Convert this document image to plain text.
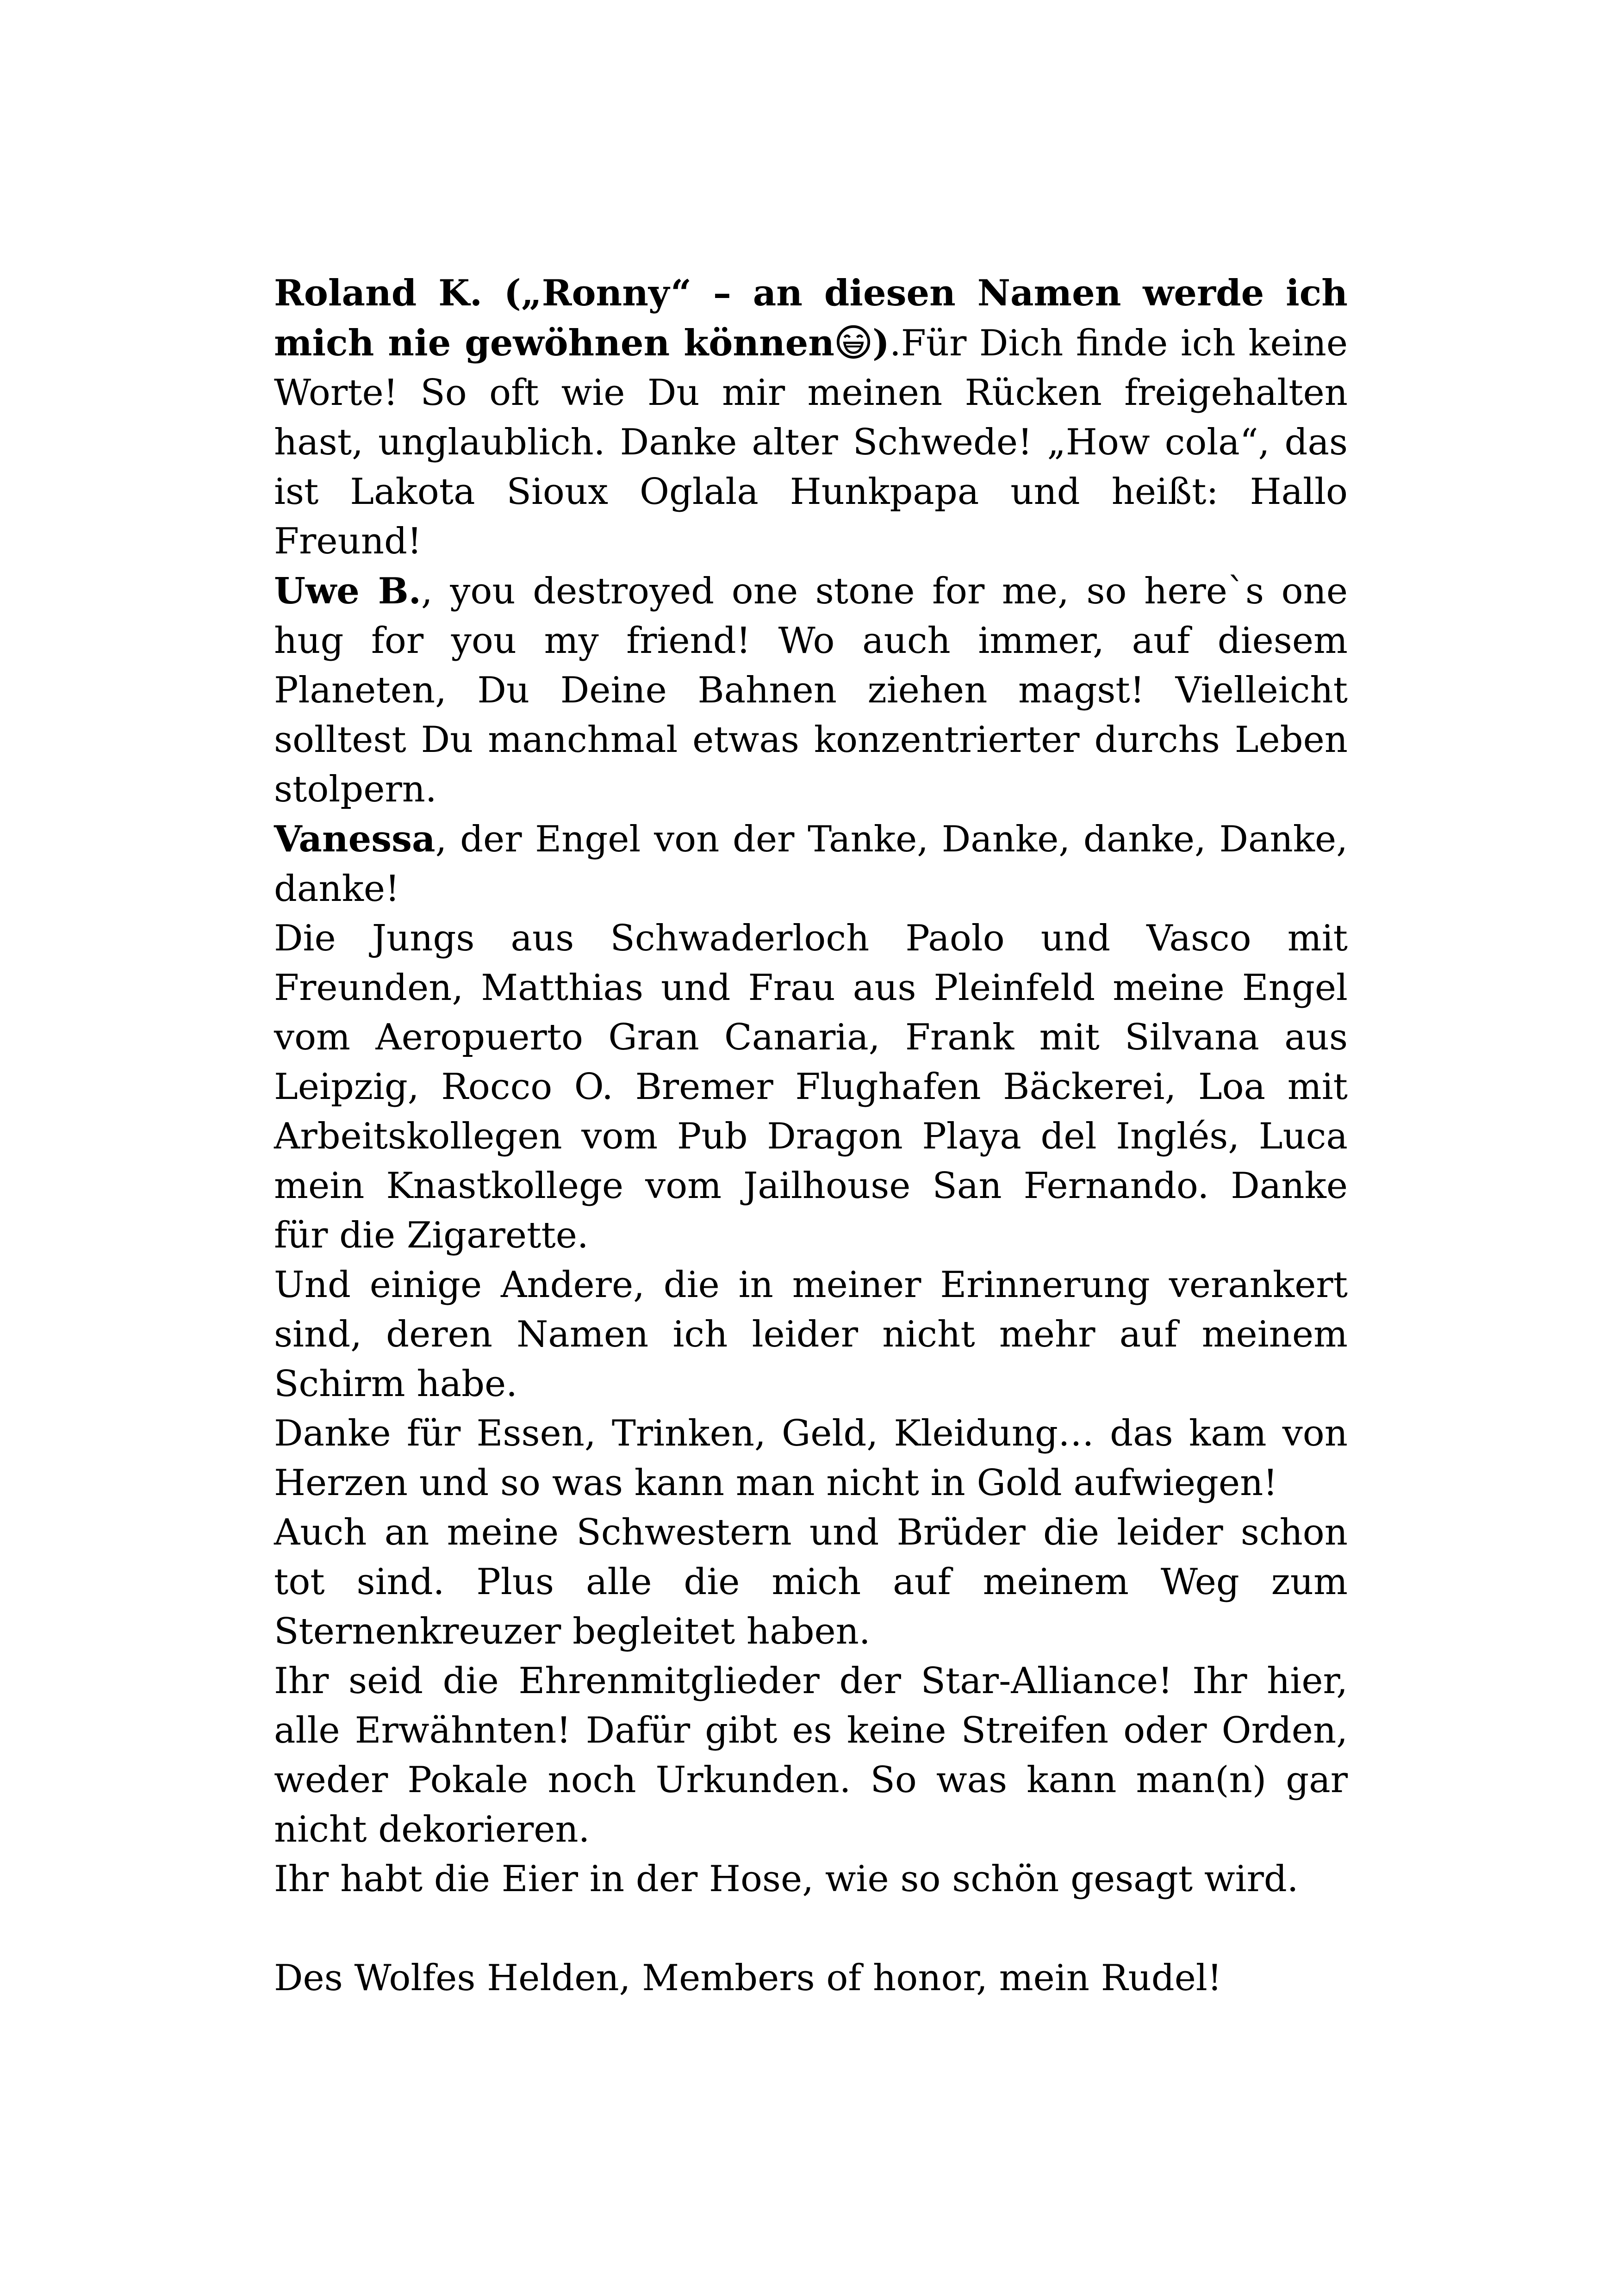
Roland K. („Ronny“ – an diesen Namen werde ich mich nie gewöhnen können ).Für Dich finde ich keine Worte! So oft wie Du mir meinen Rücken freigehalten hast, unglaublich. Danke alter Schwede! „How cola“, das ist Lakota Sioux Oglala Hunkpapa und heißt: Hallo Freund!

Uwe B., you destroyed one stone for me, so here`s one hug for you my friend! Wo auch immer, auf diesem Planeten, Du Deine Bahnen ziehen magst! Vielleicht solltest Du manchmal etwas konzentrierter durchs Leben stolpern.

Vanessa, der Engel von der Tanke, Danke, danke, Danke, danke!

Die Jungs aus Schwaderloch Paolo und Vasco mit Freunden, Matthias und Frau aus Pleinfeld meine Engel vom Aeropuerto Gran Canaria, Frank mit Silvana aus Leipzig, Rocco O. Bremer Flughafen Bäckerei, Loa mit Arbeitskollegen vom Pub Dragon Playa del Inglés, Luca mein Knastkollege vom Jailhouse San Fernando. Danke für die Zigarette.

Und einige Andere, die in meiner Erinnerung verankert sind, deren Namen ich leider nicht mehr auf meinem Schirm habe.

Danke für Essen, Trinken, Geld, Kleidung… das kam von Herzen und so was kann man nicht in Gold aufwiegen!

Auch an meine Schwestern und Brüder die leider schon tot sind. Plus alle die mich auf meinem Weg zum Sternenkreuzer begleitet haben.

Ihr seid die Ehrenmitglieder der Star-Alliance! Ihr hier, alle Erwähnten! Dafür gibt es keine Streifen oder Orden, weder Pokale noch Urkunden. So was kann man(n) gar nicht dekorieren.

Ihr habt die Eier in der Hose, wie so schön gesagt wird.

Des Wolfes Helden, Members of honor, mein Rudel!
